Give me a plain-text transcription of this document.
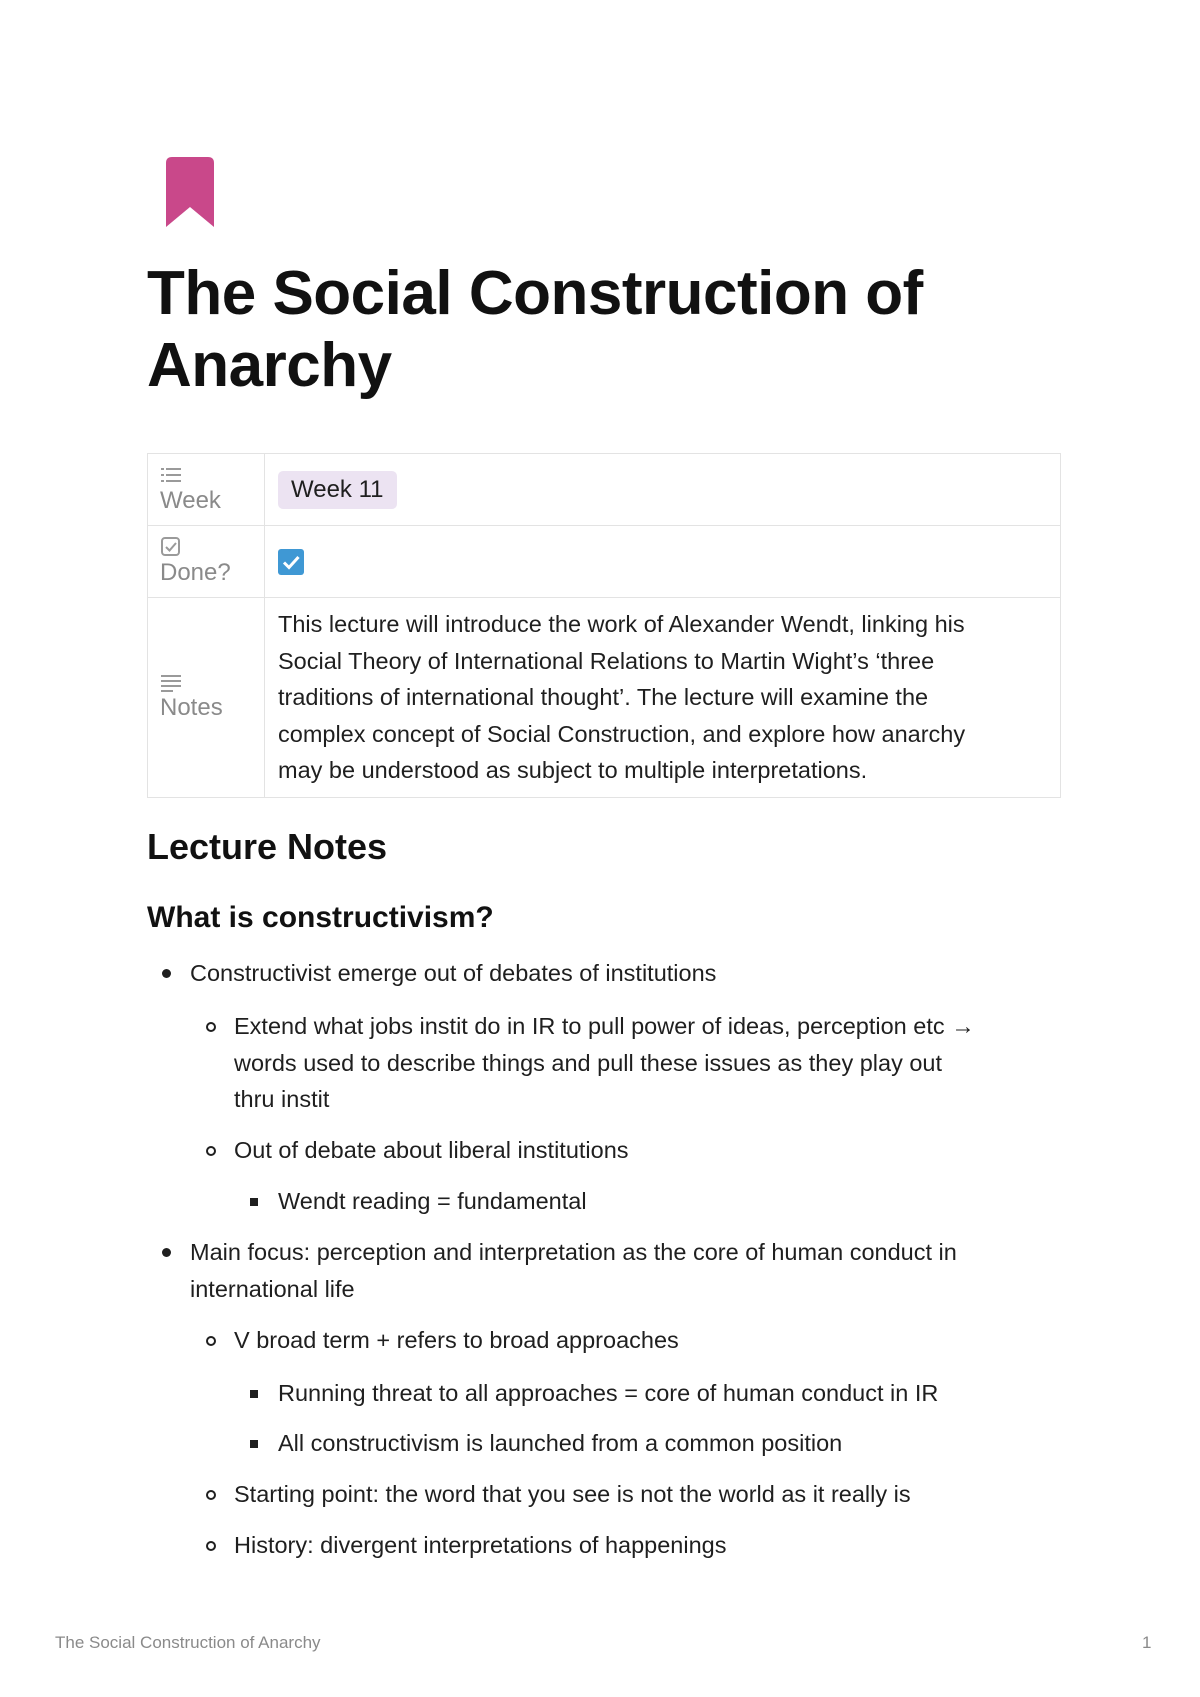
The Social Construction of
Anarchy
Week	Week 11

Done?	

Notes	This lecture will introduce the work of Alexander Wendt, linking his
Social Theory of International Relations to Martin Wight’s ‘three
traditions of international thought’. The lecture will examine the
complex concept of Social Construction, and explore how anarchy
may be understood as subject to multiple interpretations.
Lecture Notes
What is constructivism?
Constructivist emerge out of debates of institutions
Extend what jobs instit do in IR to pull power of ideas, perception etc →
words used to describe things and pull these issues as they play out
thru instit
Out of debate about liberal institutions
Wendt reading = fundamental
Main focus: perception and interpretation as the core of human conduct in
international life
V broad term + refers to broad approaches
Running threat to all approaches = core of human conduct in IR
All constructivism is launched from a common position
Starting point: the word that you see is not the world as it really is
History: divergent interpretations of happenings
The Social Construction of Anarchy	1
